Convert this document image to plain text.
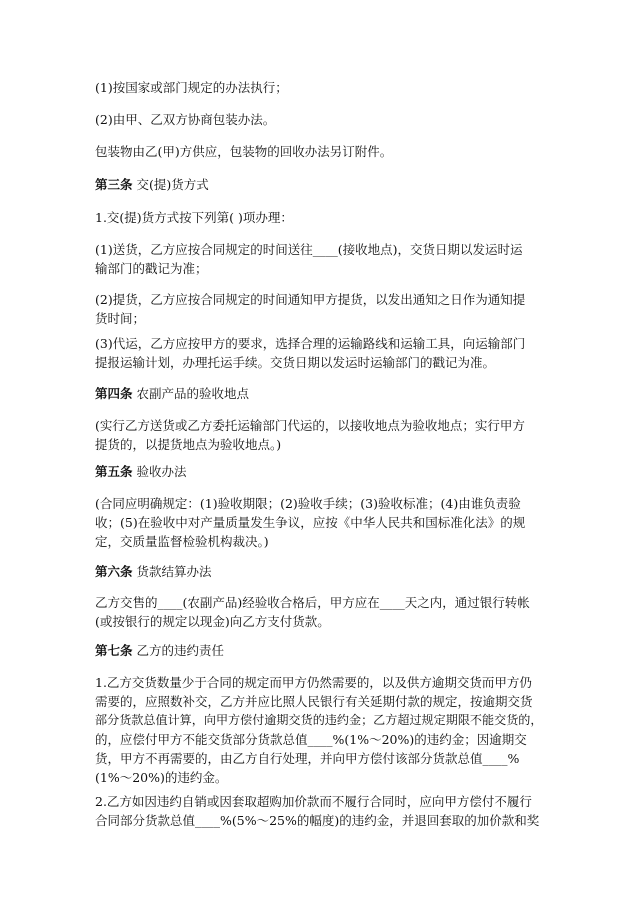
(1)按国家或部门规定的办法执行；
(2)由甲、乙双方协商包装办法。
包装物由乙(甲)方供应，包装物的回收办法另订附件。
第三条 交(提)货方式
1.交(提)货方式按下列第( )项办理：
(1)送货，乙方应按合同规定的时间送往____(接收地点)，交货日期以发运时运
输部门的戳记为准；
(2)提货，乙方应按合同规定的时间通知甲方提货，以发出通知之日作为通知提
货时间；
(3)代运，乙方应按甲方的要求，选择合理的运输路线和运输工具，向运输部门
提报运输计划，办理托运手续。交货日期以发运时运输部门的戳记为准。
第四条 农副产品的验收地点
(实行乙方送货或乙方委托运输部门代运的，以接收地点为验收地点；实行甲方
提货的，以提货地点为验收地点。)
第五条 验收办法
(合同应明确规定：(1)验收期限；(2)验收手续；(3)验收标准；(4)由谁负责验
收；(5)在验收中对产量质量发生争议，应按《中华人民共和国标准化法》的规
定，交质量监督检验机构裁决。)
第六条 货款结算办法
乙方交售的____(农副产品)经验收合格后，甲方应在____天之内，通过银行转帐
(或按银行的规定以现金)向乙方支付货款。
第七条 乙方的违约责任
1.乙方交货数量少于合同的规定而甲方仍然需要的，以及供方逾期交货而甲方仍
需要的，应照数补交，乙方并应比照人民银行有关延期付款的规定，按逾期交货
部分货款总值计算，向甲方偿付逾期交货的违约金；乙方超过规定期限不能交货的，
的，应偿付甲方不能交货部分货款总值____%(1%～20%)的违约金；因逾期交
货，甲方不再需要的，由乙方自行处理，并向甲方偿付该部分货款总值____%
(1%～20%)的违约金。
2.乙方如因违约自销或因套取超购加价款而不履行合同时，应向甲方偿付不履行
合同部分货款总值____%(5%～25%的幅度)的违约金，并退回套取的加价款和奖
